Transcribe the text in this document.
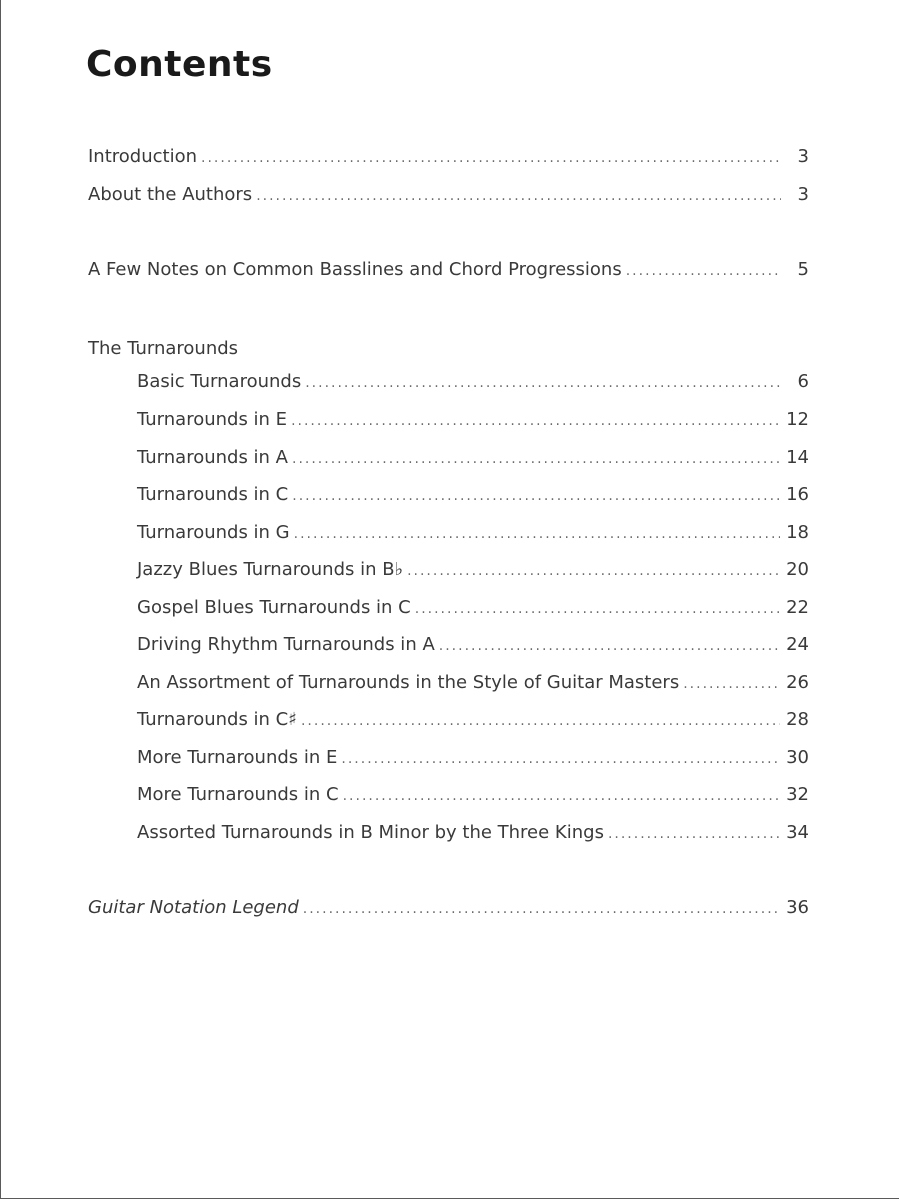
Contents
Introduction .....	3
About the Authors .....	3
A Few Notes on Common Basslines and Chord Progressions .....	5
The Turnarounds
Basic Turnarounds .....	6
Turnarounds in E .....	12
Turnarounds in A .....	14
Turnarounds in C .....	16
Turnarounds in G .....	18
Jazzy Blues Turnarounds in B♭ .....	20
Gospel Blues Turnarounds in C .....	22
Driving Rhythm Turnarounds in A .....	24
An Assortment of Turnarounds in the Style of Guitar Masters .....	26
Turnarounds in C♯ .....	28
More Turnarounds in E .....	30
More Turnarounds in C .....	32
Assorted Turnarounds in B Minor by the Three Kings .....	34
Guitar Notation Legend .....	36
